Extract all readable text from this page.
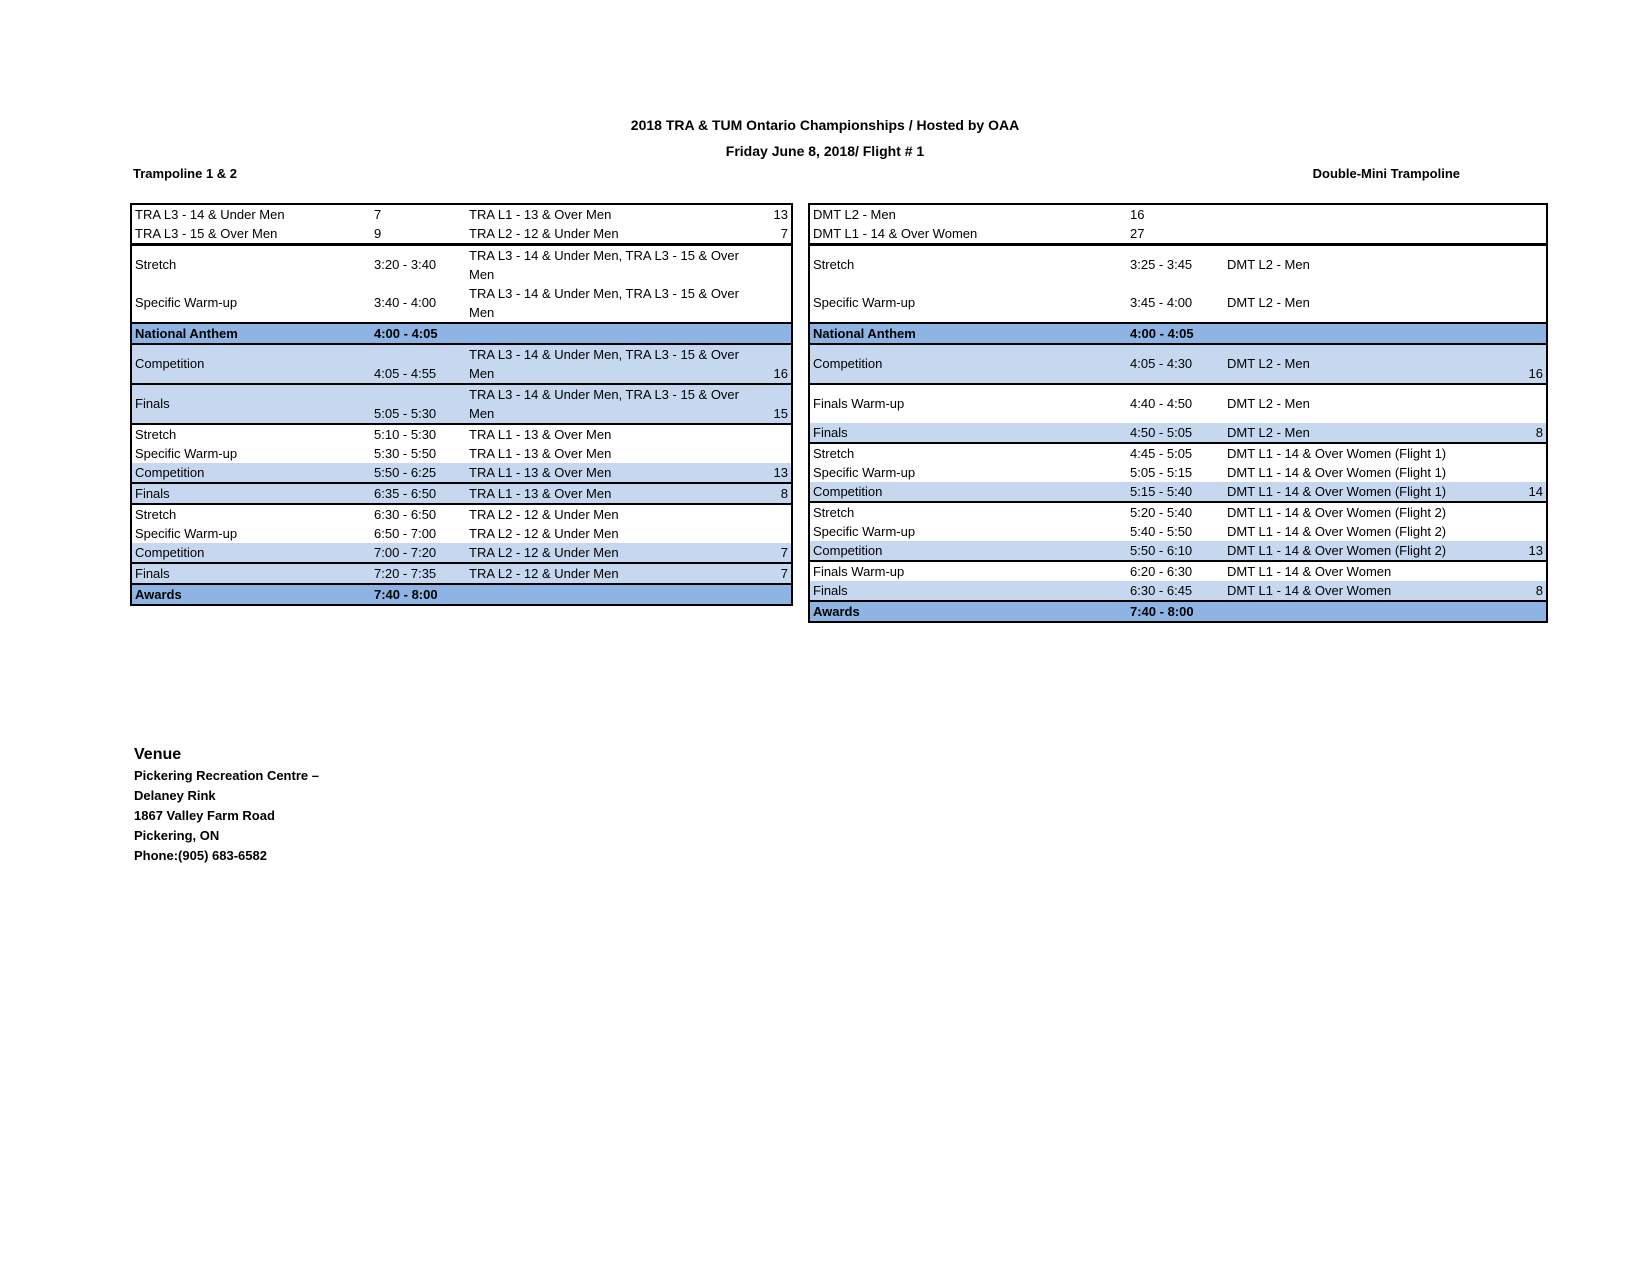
2018 TRA & TUM Ontario Championships / Hosted by OAA
Friday June 8, 2018/ Flight # 1
Trampoline 1 & 2	Double-Mini Trampoline
TRA L3 - 14 & Under Men	7	TRA L1 - 13 & Over Men	13
TRA L3 - 15 & Over Men	9	TRA L2 - 12 & Under Men	7
Stretch	3:20 - 3:40	TRA L3 - 14 & Under Men, TRA L3 - 15 & Over Men	
Specific Warm-up	3:40 - 4:00	TRA L3 - 14 & Under Men, TRA L3 - 15 & Over Men	
National Anthem	4:00 - 4:05		
Competition	4:05 - 4:55	TRA L3 - 14 & Under Men, TRA L3 - 15 & Over Men	16
Finals	5:05 - 5:30	TRA L3 - 14 & Under Men, TRA L3 - 15 & Over Men	15
Stretch	5:10 - 5:30	TRA L1 - 13 & Over Men	
Specific Warm-up	5:30 - 5:50	TRA L1 - 13 & Over Men	
Competition	5:50 - 6:25	TRA L1 - 13 & Over Men	13
Finals	6:35 - 6:50	TRA L1 - 13 & Over Men	8
Stretch	6:30 - 6:50	TRA L2 - 12 & Under Men	
Specific Warm-up	6:50 - 7:00	TRA L2 - 12 & Under Men	
Competition	7:00 - 7:20	TRA L2 - 12 & Under Men	7
Finals	7:20 - 7:35	TRA L2 - 12 & Under Men	7
Awards	7:40 - 8:00		
DMT L2 - Men	16		
DMT L1 - 14 & Over Women	27		
Stretch	3:25 - 3:45	DMT L2 - Men	
Specific Warm-up	3:45 - 4:00	DMT L2 - Men	
National Anthem	4:00 - 4:05		
Competition	4:05 - 4:30	DMT L2 - Men	16
Finals Warm-up	4:40 - 4:50	DMT L2 - Men	
Finals	4:50 - 5:05	DMT L2 - Men	8
Stretch	4:45 - 5:05	DMT L1 - 14 & Over Women (Flight 1)	
Specific Warm-up	5:05 - 5:15	DMT L1 - 14 & Over Women (Flight 1)	
Competition	5:15 - 5:40	DMT L1 - 14 & Over Women (Flight 1)	14
Stretch	5:20 - 5:40	DMT L1 - 14 & Over Women (Flight 2)	
Specific Warm-up	5:40 - 5:50	DMT L1 - 14 & Over Women (Flight 2)	
Competition	5:50 - 6:10	DMT L1 - 14 & Over Women (Flight 2)	13
Finals Warm-up	6:20 - 6:30	DMT L1 - 14 & Over Women	
Finals	6:30 - 6:45	DMT L1 - 14 & Over Women	8
Awards	7:40 - 8:00		
Venue
Pickering Recreation Centre –
Delaney Rink
1867 Valley Farm Road
Pickering, ON
Phone:(905) 683-6582
